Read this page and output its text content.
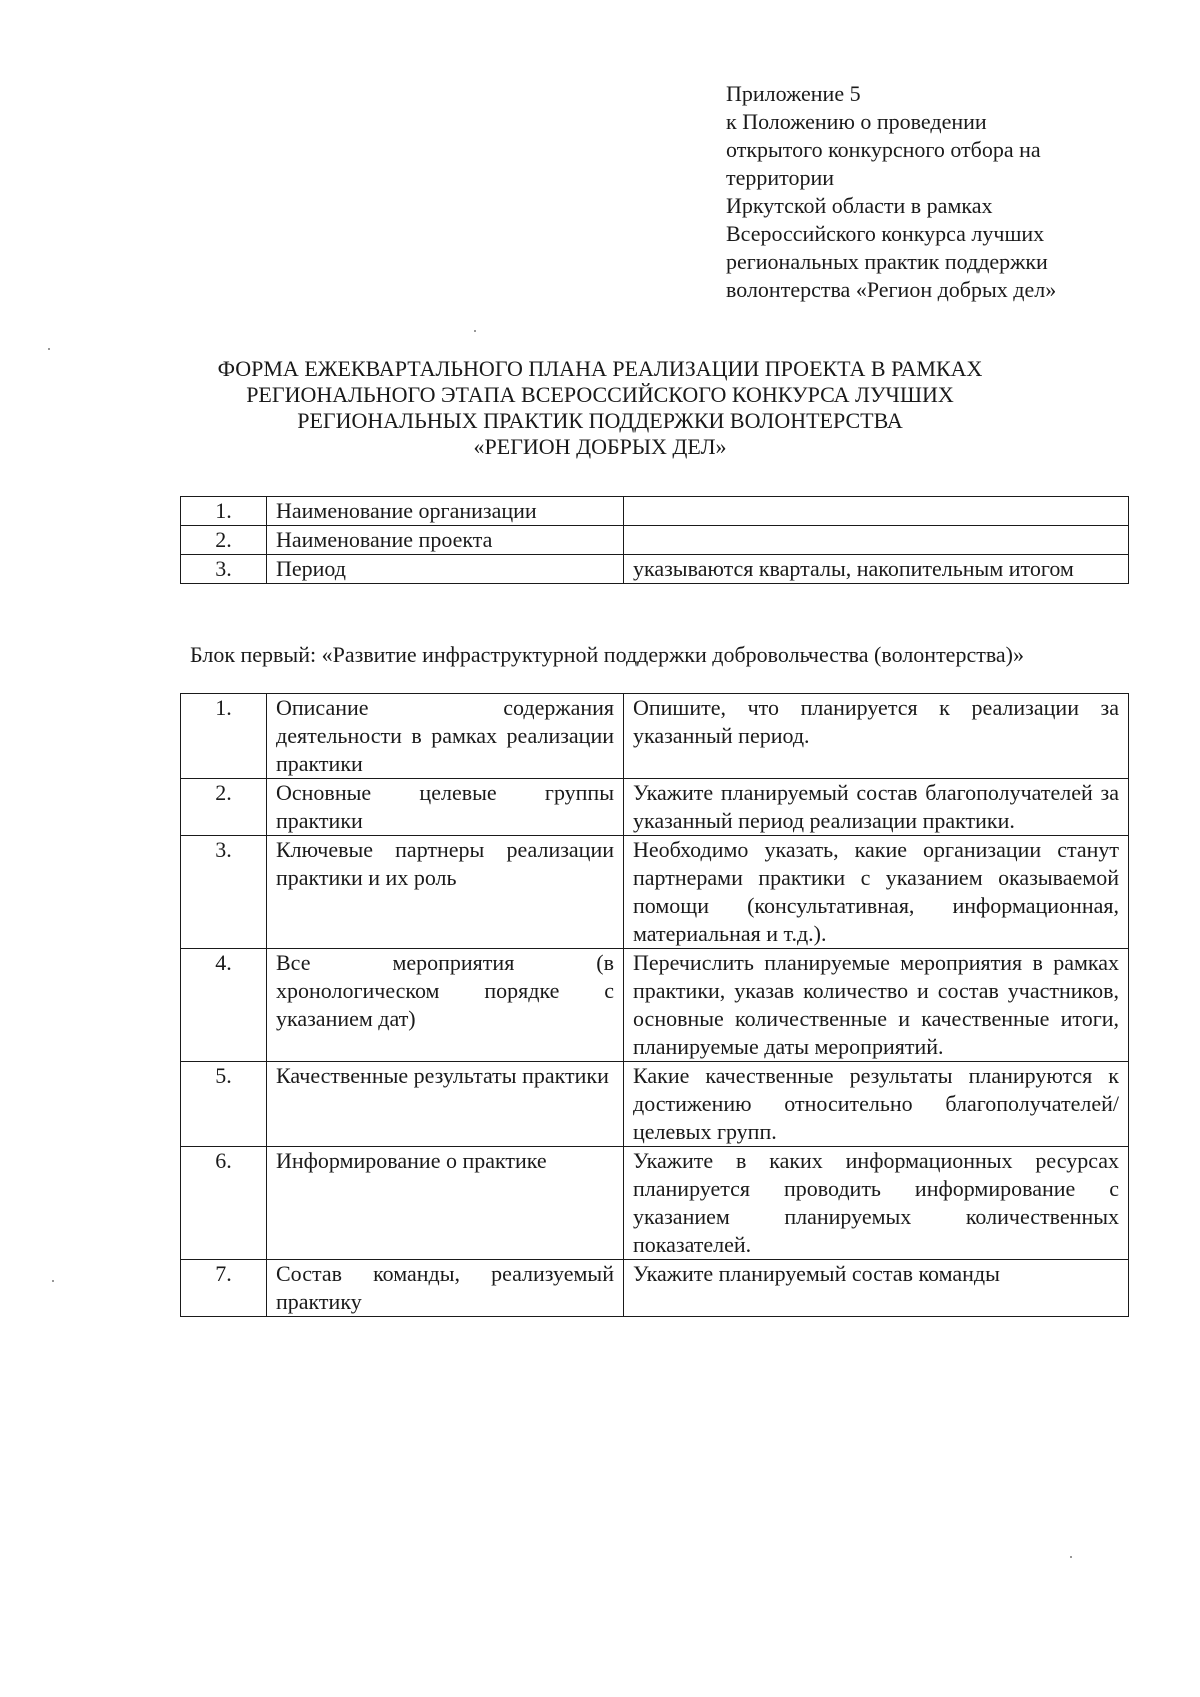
Приложение 5
к Положению о проведении
открытого конкурсного отбора на
территории
Иркутской области в рамках
Всероссийского конкурса лучших
региональных практик поддержки
волонтерства «Регион добрых дел»
ФОРМА ЕЖЕКВАРТАЛЬНОГО ПЛАНА РЕАЛИЗАЦИИ ПРОЕКТА В РАМКАХ
РЕГИОНАЛЬНОГО ЭТАПА ВСЕРОССИЙСКОГО КОНКУРСА ЛУЧШИХ
РЕГИОНАЛЬНЫХ ПРАКТИК ПОДДЕРЖКИ ВОЛОНТЕРСТВА
«РЕГИОН ДОБРЫХ ДЕЛ»
1.	Наименование организации	
2.	Наименование проекта	
3.	Период	указываются кварталы, накопительным итогом
Блок первый: «Развитие инфраструктурной поддержки добровольчества (волонтерства)»
1.	Описание содержания деятельности в рамках реализации практики	Опишите, что планируется к реализации за указанный период.
2.	Основные целевые группы практики	Укажите планируемый состав благополучателей за указанный период реализации практики.
3.	Ключевые партнеры реализации практики и их роль	Необходимо указать, какие организации станут партнерами практики с указанием оказываемой помощи (консультативная, информационная, материальная и т.д.).
4.	Все мероприятия (в хронологическом порядке с указанием дат)	Перечислить планируемые мероприятия в рамках практики, указав количество и состав участников, основные количественные и качественные итоги, планируемые даты мероприятий.
5.	Качественные результаты практики	Какие качественные результаты планируются к достижению относительно благополучателей/целевых групп.
6.	Информирование о практике	Укажите в каких информационных ресурсах планируется проводить информирование с указанием планируемых количественных показателей.
7.	Состав команды, реализуемый практику	Укажите планируемый состав команды
